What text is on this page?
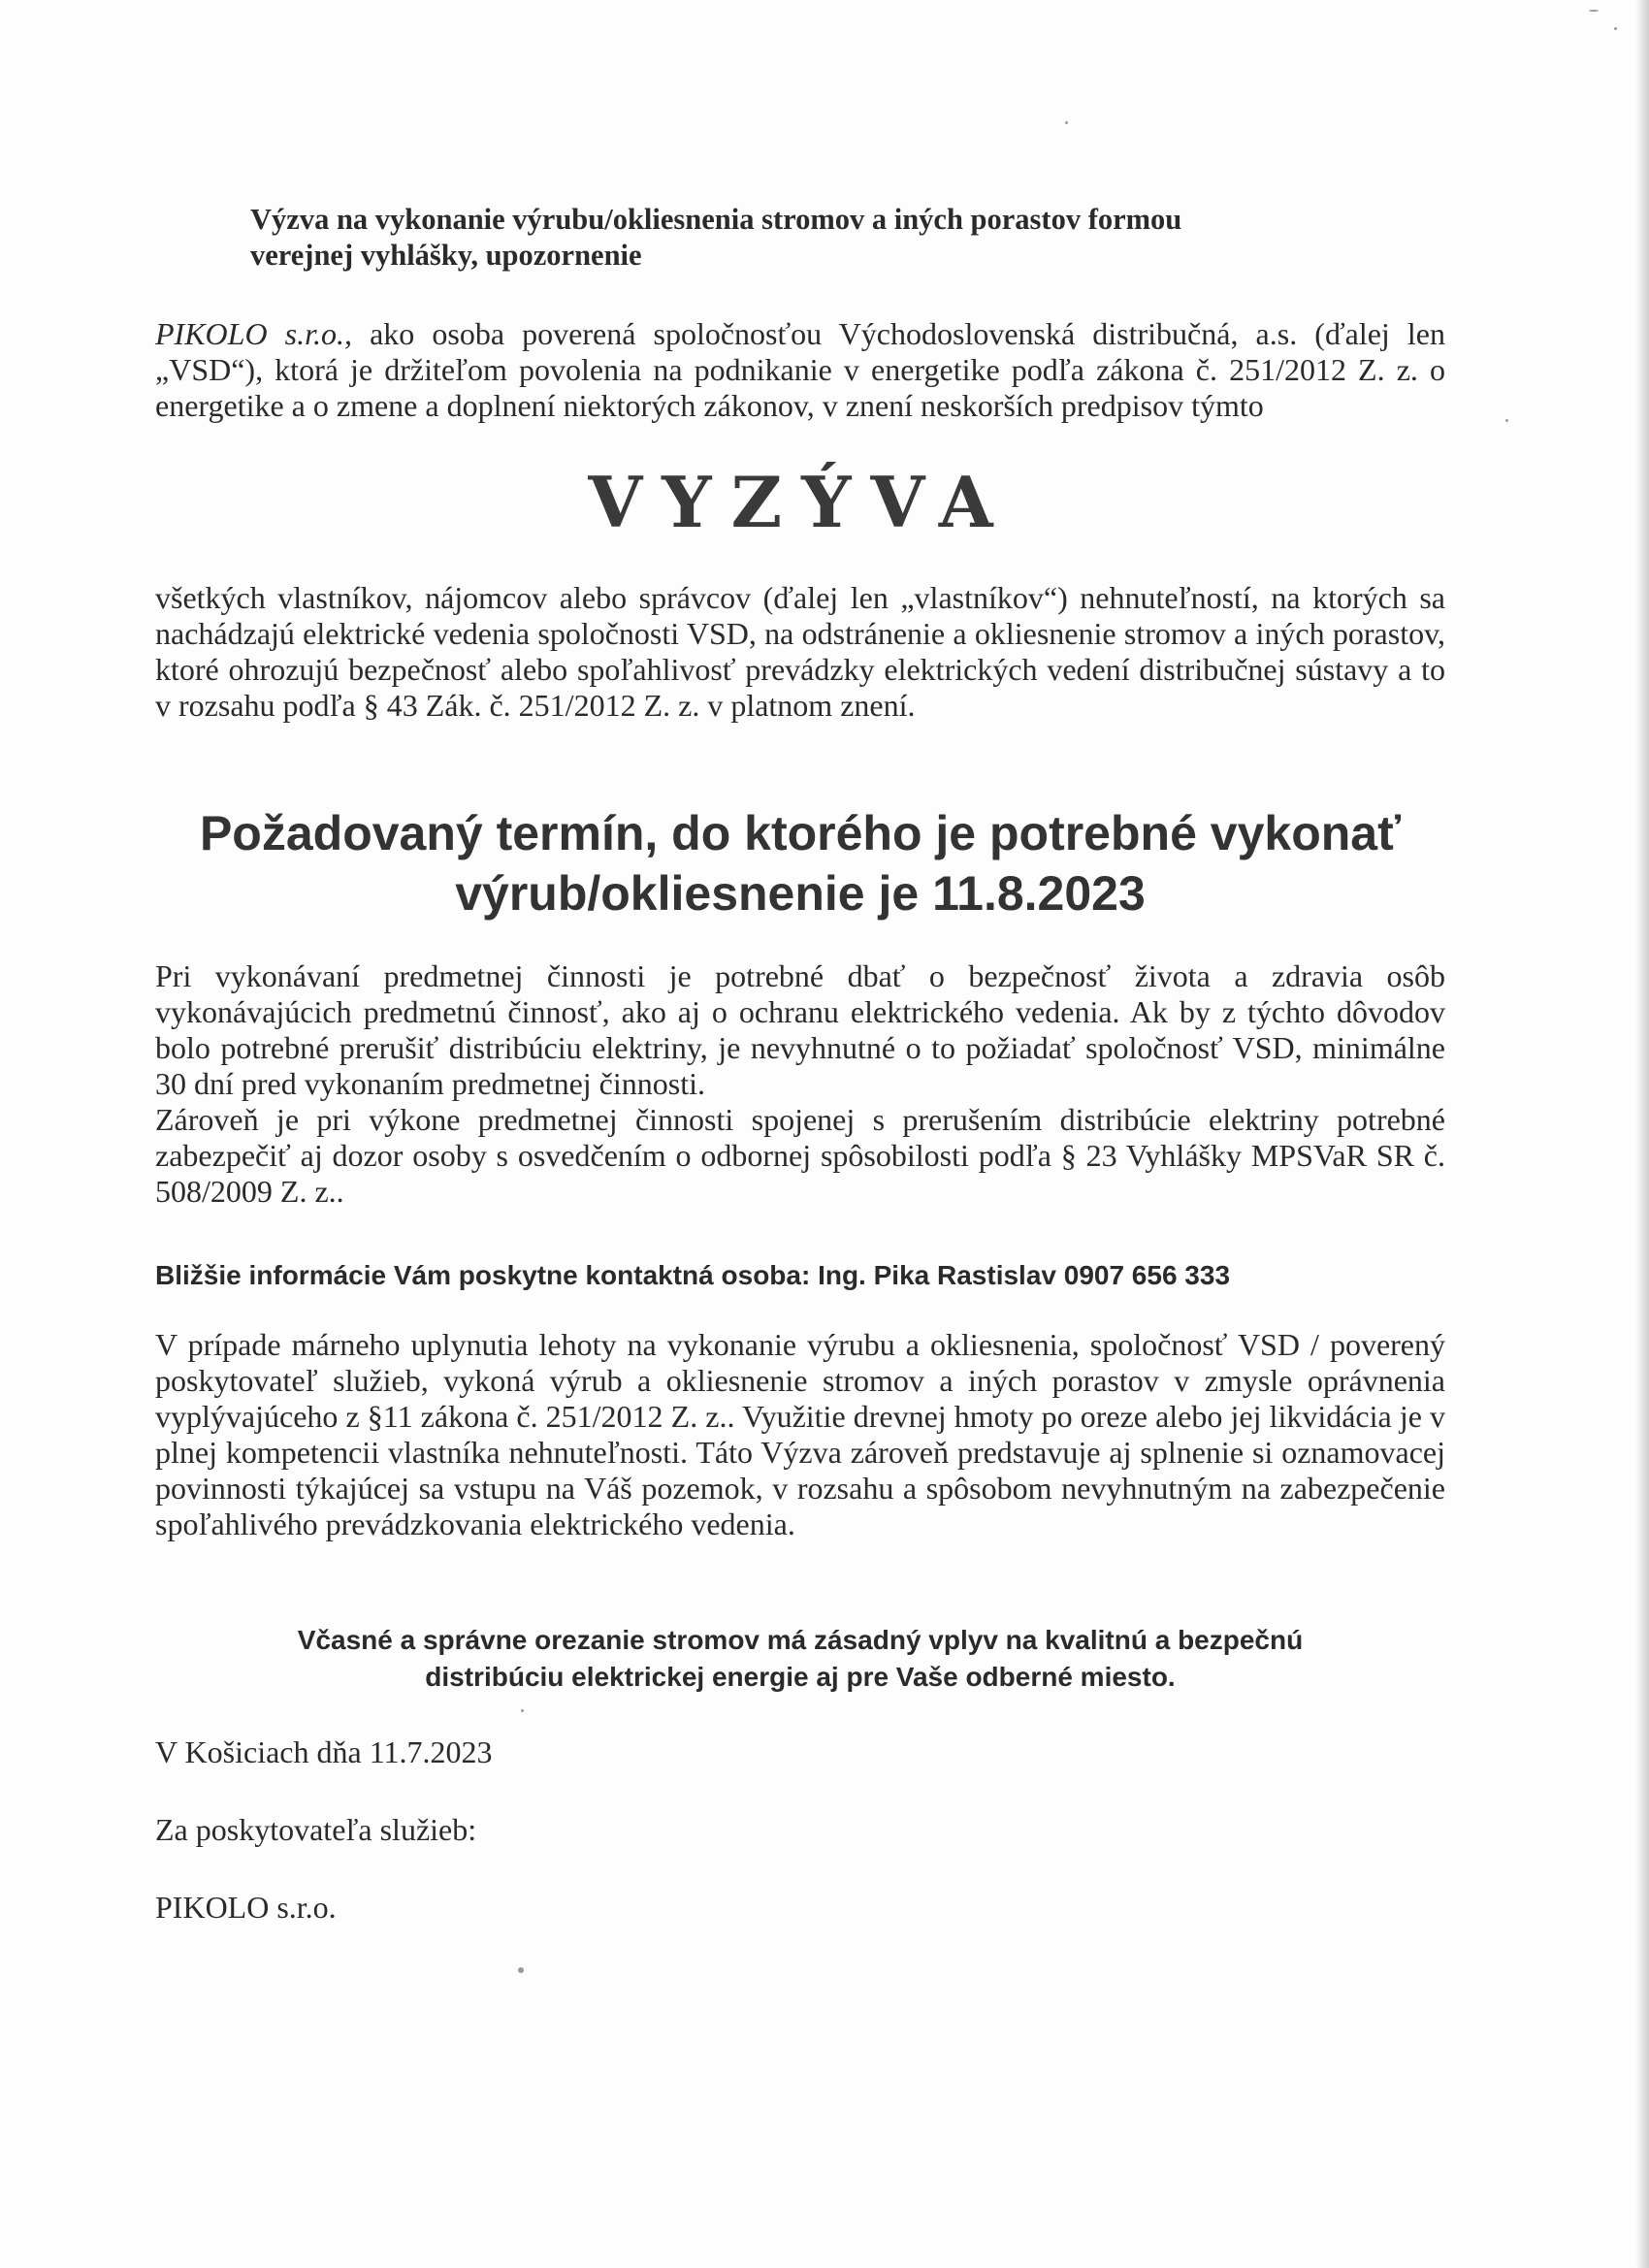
Výzva na vykonanie výrubu/okliesnenia stromov a iných porastov formou
verejnej vyhlášky, upozornenie

PIKOLO s.r.o., ako osoba poverená spoločnosťou Východoslovenská distribučná, a.s. (ďalej len „VSD“), ktorá je držiteľom povolenia na podnikanie v energetike podľa zákona č. 251/2012 Z. z. o energetike a o zmene a doplnení niektorých zákonov, v znení neskorších predpisov týmto

VYZÝVA

všetkých vlastníkov, nájomcov alebo správcov (ďalej len „vlastníkov“) nehnuteľností, na ktorých sa nachádzajú elektrické vedenia spoločnosti VSD, na odstránenie a okliesnenie stromov a iných porastov, ktoré ohrozujú bezpečnosť alebo spoľahlivosť prevádzky elektrických vedení distribučnej sústavy a to v rozsahu podľa § 43 Zák. č. 251/2012 Z. z. v platnom znení.

Požadovaný termín, do ktorého je potrebné vykonať
výrub/okliesnenie je 11.8.2023

Pri vykonávaní predmetnej činnosti je potrebné dbať o bezpečnosť života a zdravia osôb vykonávajúcich predmetnú činnosť, ako aj o ochranu elektrického vedenia. Ak by z týchto dôvodov bolo potrebné prerušiť distribúciu elektriny, je nevyhnutné o to požiadať spoločnosť VSD, minimálne 30 dní pred vykonaním predmetnej činnosti.

Zároveň je pri výkone predmetnej činnosti spojenej s prerušením distribúcie elektriny potrebné zabezpečiť aj dozor osoby s osvedčením o odbornej spôsobilosti podľa § 23 Vyhlášky MPSVaR SR č. 508/2009 Z. z..

Bližšie informácie Vám poskytne kontaktná osoba: Ing. Pika Rastislav 0907 656 333

V prípade márneho uplynutia lehoty na vykonanie výrubu a okliesnenia, spoločnosť VSD / poverený poskytovateľ služieb, vykoná výrub a okliesnenie stromov a iných porastov v zmysle oprávnenia vyplývajúceho z §11 zákona č. 251/2012 Z. z.. Využitie drevnej hmoty po oreze alebo jej likvidácia je v plnej kompetencii vlastníka nehnuteľnosti. Táto Výzva zároveň predstavuje aj splnenie si oznamovacej povinnosti týkajúcej sa vstupu na Váš pozemok, v rozsahu a spôsobom nevyhnutným na zabezpečenie spoľahlivého prevádzkovania elektrického vedenia.

Včasné a správne orezanie stromov má zásadný vplyv na kvalitnú a bezpečnú
distribúciu elektrickej energie aj pre Vaše odberné miesto.

V Košiciach dňa 11.7.2023

Za poskytovateľa služieb:

PIKOLO s.r.o.
